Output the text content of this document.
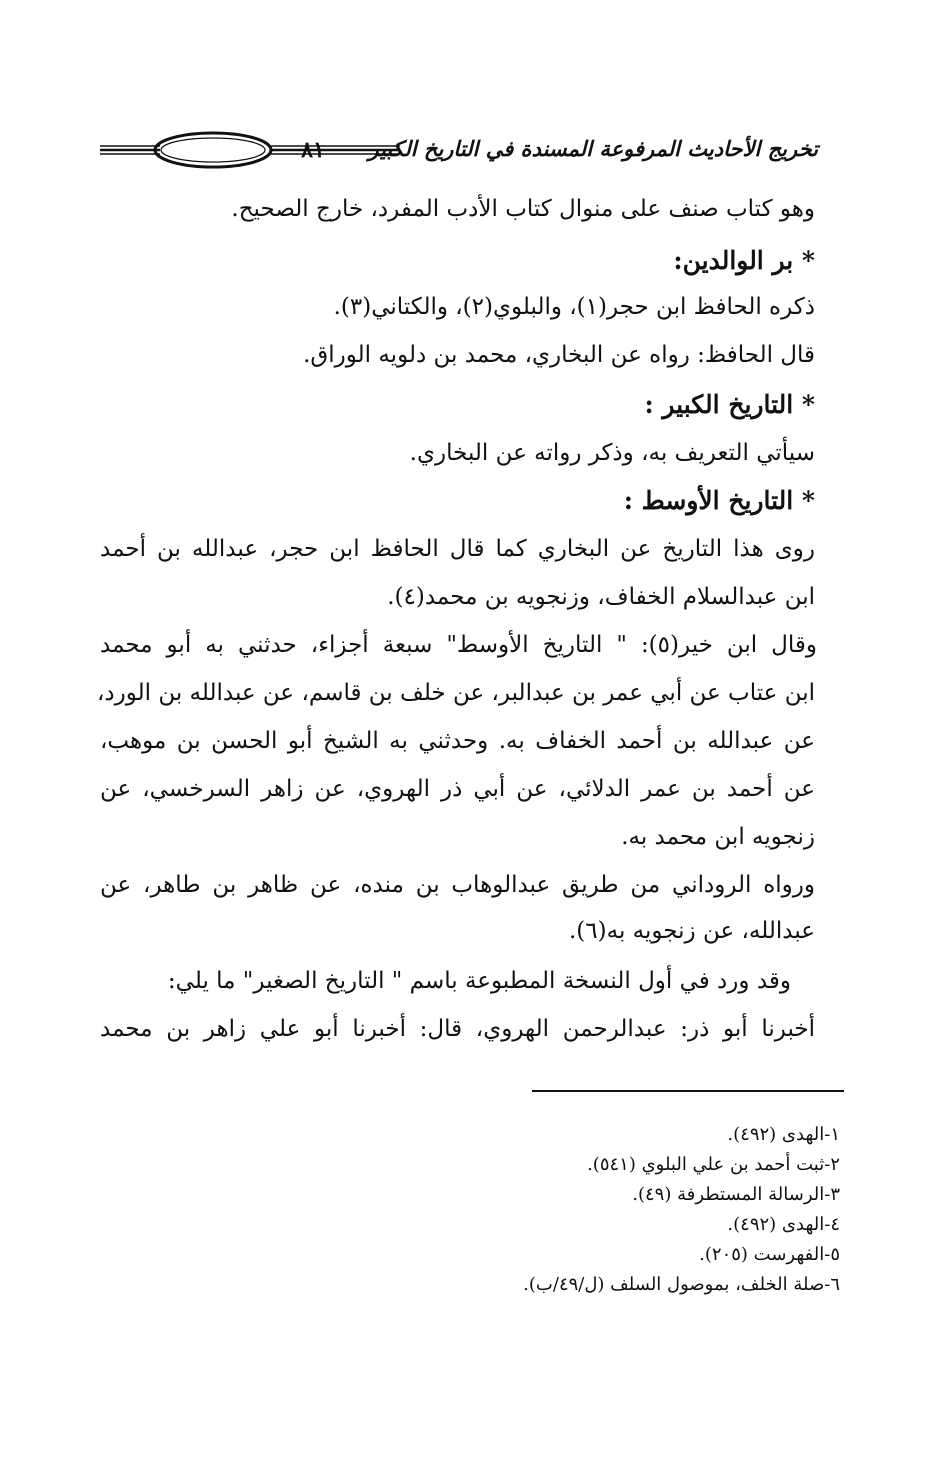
٨١	تخريج الأحاديث المرفوعة المسندة في التاريخ الكبير
وهو كتاب صنف على منوال كتاب الأدب المفرد، خارج الصحيح.
* بر الوالدين:
ذكره الحافظ ابن حجر(١)، والبلوي(٢)، والكتاني(٣).
قال الحافظ: رواه عن البخاري، محمد بن دلويه الوراق.
* التاريخ الكبير :
سيأتي التعريف به، وذكر رواته عن البخاري.
* التاريخ الأوسط :
روى هذا التاريخ عن البخاري كما قال الحافظ ابن حجر، عبدالله بن أحمد
ابن عبدالسلام الخفاف، وزنجويه بن محمد(٤).
وقال ابن خير(٥): " التاريخ الأوسط" سبعة أجزاء، حدثني به أبو محمد
ابن عتاب عن أبي عمر بن عبدالبر، عن خلف بن قاسم، عن عبدالله بن الورد،
عن عبدالله بن أحمد الخفاف به. وحدثني به الشيخ أبو الحسن بن موهب،
عن أحمد بن عمر الدلائي، عن أبي ذر الهروي، عن زاهر السرخسي، عن
زنجويه ابن محمد به.
ورواه الروداني من طريق عبدالوهاب بن منده، عن ظاهر بن طاهر، عن
عبدالله، عن زنجويه به(٦).
وقد ورد في أول النسخة المطبوعة باسم " التاريخ الصغير" ما يلي:
أخبرنا أبو ذر: عبدالرحمن الهروي، قال: أخبرنا أبو علي زاهر بن محمد
١-الهدى (٤٩٢).
٢-ثبت أحمد بن علي البلوي (٥٤١).
٣-الرسالة المستطرفة (٤٩).
٤-الهدى (٤٩٢).
٥-الفهرست (٢٠٥).
٦-صلة الخلف، بموصول السلف (ل/٤٩/ب).
